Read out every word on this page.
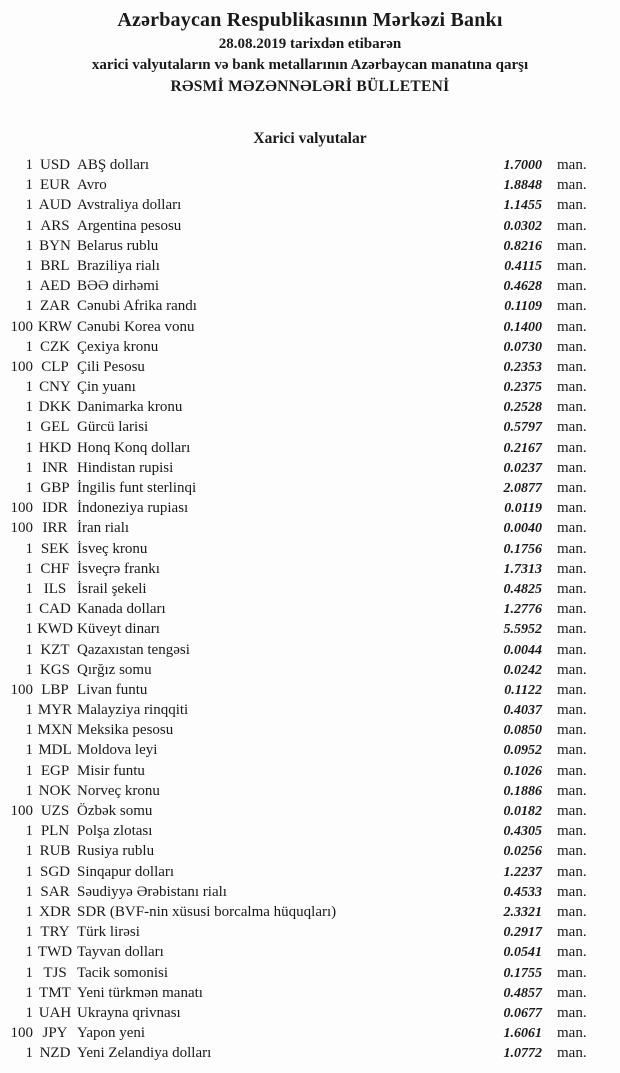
Azərbaycan Respublikasının Mərkəzi Bankı
28.08.2019 tarixdən etibarən
xarici valyutaların və bank metallarının Azərbaycan manatına qarşı
RƏSMİ MƏZƏNNƏLƏRİ BÜLLETENİ
Xarici valyutalar
1 USD ABŞ dolları	1.7000	man.
1 EUR Avro	1.8848	man.
1 AUD Avstraliya dolları	1.1455	man.
1 ARS Argentina pesosu	0.0302	man.
1 BYN Belarus rublu	0.8216	man.
1 BRL Braziliya rialı	0.4115	man.
1 AED BƏƏ dirhəmi	0.4628	man.
1 ZAR Cənubi Afrika randı	0.1109	man.
100 KRW Cənubi Korea vonu	0.1400	man.
1 CZK Çexiya kronu	0.0730	man.
100 CLP Çili Pesosu	0.2353	man.
1 CNY Çin yuanı	0.2375	man.
1 DKK Danimarka kronu	0.2528	man.
1 GEL Gürcü larisi	0.5797	man.
1 HKD Honq Konq dolları	0.2167	man.
1 INR Hindistan rupisi	0.0237	man.
1 GBP İngilis funt sterlinqi	2.0877	man.
100 IDR İndoneziya rupiası	0.0119	man.
100 IRR İran rialı	0.0040	man.
1 SEK İsveç kronu	0.1756	man.
1 CHF İsveçrə frankı	1.7313	man.
1 ILS İsrail şekeli	0.4825	man.
1 CAD Kanada dolları	1.2776	man.
1 KWD Küveyt dinarı	5.5952	man.
1 KZT Qazaxıstan tengəsi	0.0044	man.
1 KGS Qırğız somu	0.0242	man.
100 LBP Livan funtu	0.1122	man.
1 MYR Malayziya rinqqiti	0.4037	man.
1 MXN Meksika pesosu	0.0850	man.
1 MDL Moldova leyi	0.0952	man.
1 EGP Misir funtu	0.1026	man.
1 NOK Norveç kronu	0.1886	man.
100 UZS Özbək somu	0.0182	man.
1 PLN Polşa zlotası	0.4305	man.
1 RUB Rusiya rublu	0.0256	man.
1 SGD Sinqapur dolları	1.2237	man.
1 SAR Səudiyyə Ərəbistanı rialı	0.4533	man.
1 XDR SDR (BVF-nin xüsusi borcalma hüquqları)	2.3321	man.
1 TRY Türk lirəsi	0.2917	man.
1 TWD Tayvan dolları	0.0541	man.
1 TJS Tacik somonisi	0.1755	man.
1 TMT Yeni türkmən manatı	0.4857	man.
1 UAH Ukrayna qrivnası	0.0677	man.
100 JPY Yapon yeni	1.6061	man.
1 NZD Yeni Zelandiya dolları	1.0772	man.
